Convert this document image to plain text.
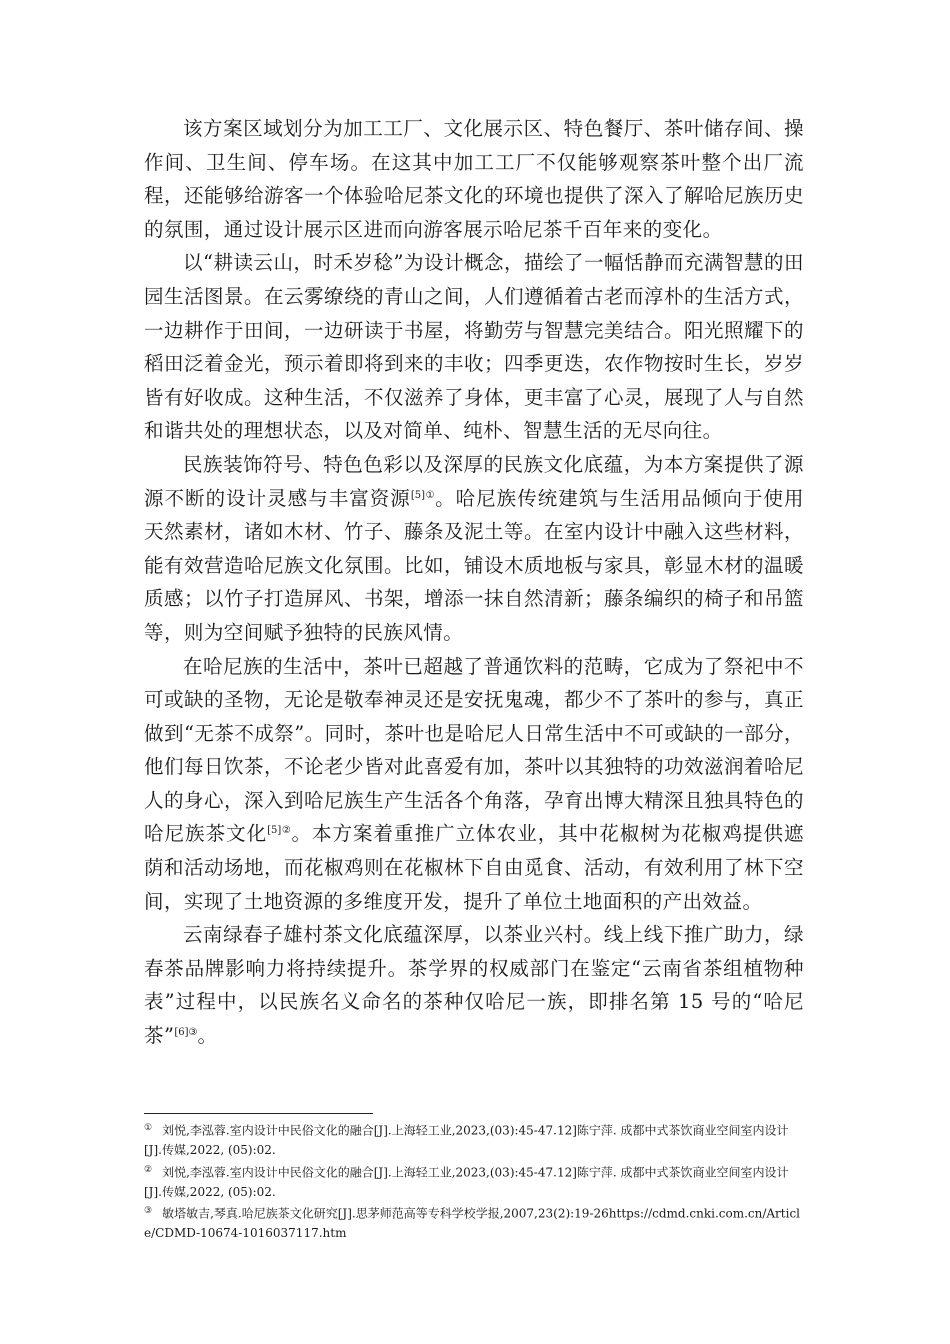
该方案区域划分为加工工厂、文化展示区、特色餐厅、茶叶储存间、操作间、卫生间、停车场。在这其中加工工厂不仅能够观察茶叶整个出厂流程，还能够给游客一个体验哈尼茶文化的环境也提供了深入了解哈尼族历史的氛围，通过设计展示区进而向游客展示哈尼茶千百年来的变化。

以“耕读云山，时禾岁稔”为设计概念，描绘了一幅恬静而充满智慧的田园生活图景。在云雾缭绕的青山之间，人们遵循着古老而淳朴的生活方式，一边耕作于田间，一边研读于书屋，将勤劳与智慧完美结合。阳光照耀下的稻田泛着金光，预示着即将到来的丰收；四季更迭，农作物按时生长，岁岁皆有好收成。这种生活，不仅滋养了身体，更丰富了心灵，展现了人与自然和谐共处的理想状态，以及对简单、纯朴、智慧生活的无尽向往。

民族装饰符号、特色色彩以及深厚的民族文化底蕴，为本方案提供了源源不断的设计灵感与丰富资源$^{[5]①}$。哈尼族传统建筑与生活用品倾向于使用天然素材，诸如木材、竹子、藤条及泥土等。在室内设计中融入这些材料，能有效营造哈尼族文化氛围。比如，铺设木质地板与家具，彰显木材的温暖质感；以竹子打造屏风、书架，增添一抹自然清新；藤条编织的椅子和吊篮等，则为空间赋予独特的民族风情。

在哈尼族的生活中，茶叶已超越了普通饮料的范畴，它成为了祭祀中不可或缺的圣物，无论是敬奉神灵还是安抚鬼魂，都少不了茶叶的参与，真正做到“无茶不成祭”。同时，茶叶也是哈尼人日常生活中不可或缺的一部分，他们每日饮茶，不论老少皆对此喜爱有加，茶叶以其独特的功效滋润着哈尼人的身心，深入到哈尼族生产生活各个角落，孕育出博大精深且独具特色的哈尼族茶文化$^{[5]②}$。本方案着重推广立体农业，其中花椒树为花椒鸡提供遮荫和活动场地，而花椒鸡则在花椒林下自由觅食、活动，有效利用了林下空间，实现了土地资源的多维度开发，提升了单位土地面积的产出效益。

云南绿春子雄村茶文化底蕴深厚，以茶业兴村。线上线下推广助力，绿春茶品牌影响力将持续提升。茶学界的权威部门在鉴定“云南省茶组植物种表”过程中，以民族名义命名的茶种仅哈尼一族，即排名第 15 号的“哈尼茶”$^{[6]③}$。

① 刘悦,李泓蓉.室内设计中民俗文化的融合[J].上海轻工业,2023,(03):45-47.12]陈宁萍. 成都中式茶饮商业空间室内设计[J].传媒,2022, (05):02.

② 刘悦,李泓蓉.室内设计中民俗文化的融合[J].上海轻工业,2023,(03):45-47.12]陈宁萍. 成都中式茶饮商业空间室内设计[J].传媒,2022, (05):02.

③ 敏塔敏吉,琴真.哈尼族茶文化研究[J].思茅师范高等专科学校学报,2007,23(2):19-26https://cdmd.cnki.com.cn/Article/CDMD-10674-1016037117.htm
